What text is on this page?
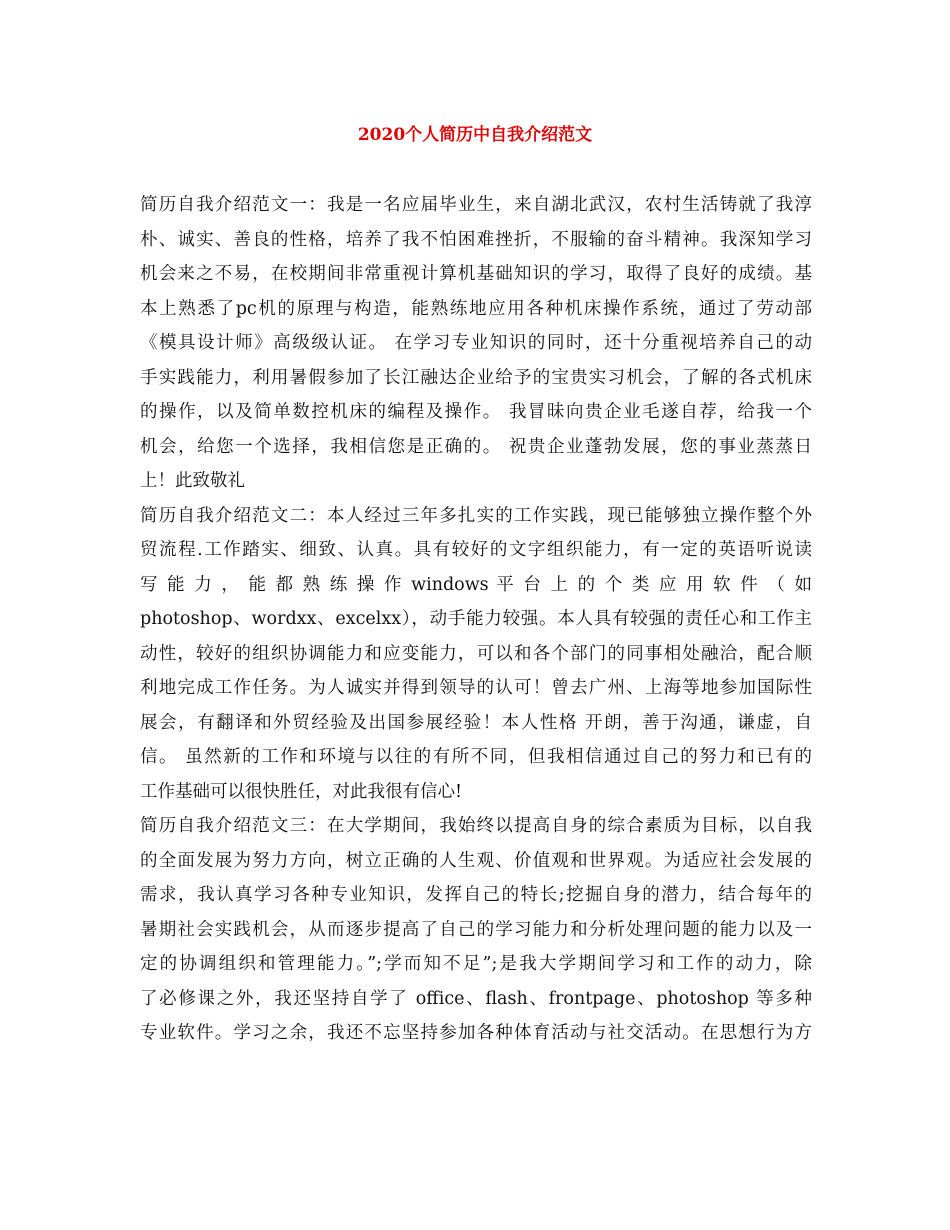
2020个人简历中自我介绍范文
简历自我介绍范文一：我是一名应届毕业生，来自湖北武汉，农村生活铸就了我淳
朴、诚实、善良的性格，培养了我不怕困难挫折，不服输的奋斗精神。我深知学习
机会来之不易，在校期间非常重视计算机基础知识的学习，取得了良好的成绩。基
本上熟悉了pc机的原理与构造，能熟练地应用各种机床操作系统，通过了劳动部
《模具设计师》高级级认证。 在学习专业知识的同时，还十分重视培养自己的动
手实践能力，利用暑假参加了长江融达企业给予的宝贵实习机会，了解的各式机床
的操作，以及简单数控机床的编程及操作。 我冒昧向贵企业毛遂自荐，给我一个
机会，给您一个选择，我相信您是正确的。 祝贵企业蓬勃发展，您的事业蒸蒸日
上！此致敬礼
简历自我介绍范文二：本人经过三年多扎实的工作实践，现已能够独立操作整个外
贸流程.工作踏实、细致、认真。具有较好的文字组织能力，有一定的英语听说读
写 能 力 ， 能 都 熟 练 操 作 windows 平 台 上 的 个 类 应 用 软 件 （ 如
photoshop、wordxx、excelxx），动手能力较强。本人具有较强的责任心和工作主
动性，较好的组织协调能力和应变能力，可以和各个部门的同事相处融洽，配合顺
利地完成工作任务。为人诚实并得到领导的认可！曾去广州、上海等地参加国际性
展会，有翻译和外贸经验及出国参展经验！本人性格 开朗，善于沟通，谦虚，自
信。 虽然新的工作和环境与以往的有所不同，但我相信通过自己的努力和已有的
工作基础可以很快胜任，对此我很有信心!
简历自我介绍范文三：在大学期间，我始终以提高自身的综合素质为目标，以自我
的全面发展为努力方向，树立正确的人生观、价值观和世界观。为适应社会发展的
需求，我认真学习各种专业知识，发挥自己的特长;挖掘自身的潜力，结合每年的
暑期社会实践机会，从而逐步提高了自己的学习能力和分析处理问题的能力以及一
定的协调组织和管理能力。”;学而知不足”;是我大学期间学习和工作的动力，除
了必修课之外，我还坚持自学了 office、flash、frontpage、photoshop 等多种
专业软件。学习之余，我还不忘坚持参加各种体育活动与社交活动。在思想行为方
